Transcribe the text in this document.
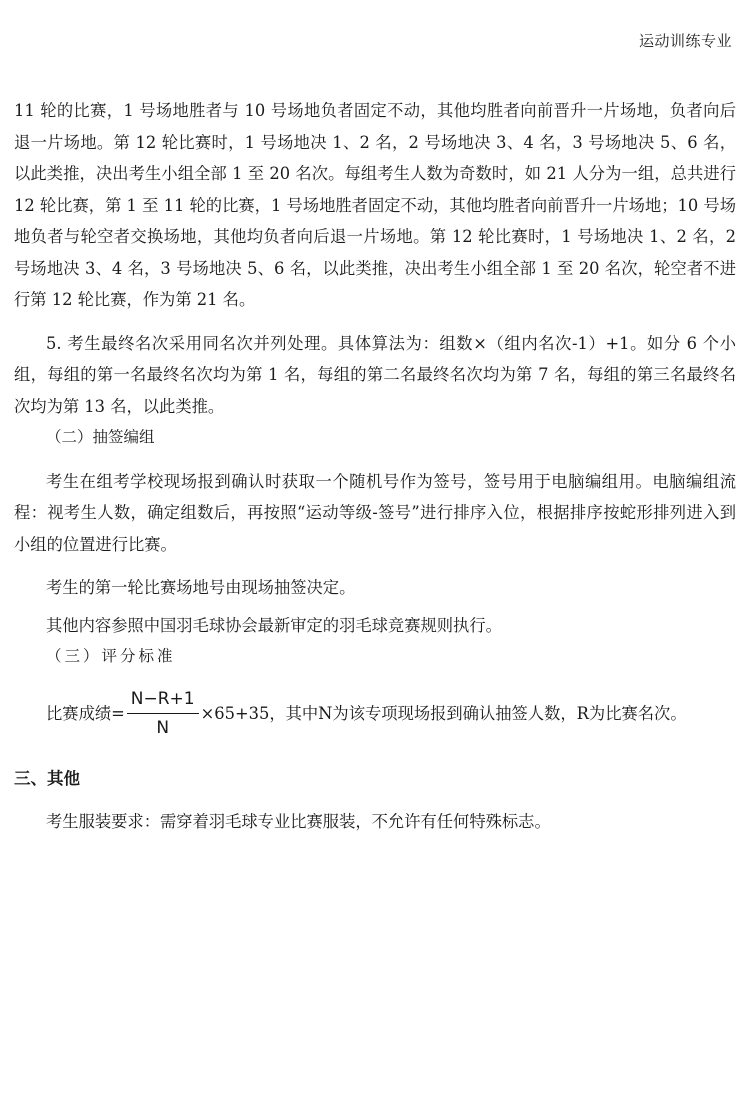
运动训练专业

11 轮的比赛，1 号场地胜者与 10 号场地负者固定不动，其他均胜者向前晋升一片场地，负者向后退一片场地。第 12 轮比赛时，1 号场地决 1、2 名，2 号场地决 3、4 名，3 号场地决 5、6 名，以此类推，决出考生小组全部 1 至 20 名次。每组考生人数为奇数时，如 21 人分为一组，总共进行 12 轮比赛，第 1 至 11 轮的比赛，1 号场地胜者固定不动，其他均胜者向前晋升一片场地；10 号场地负者与轮空者交换场地，其他均负者向后退一片场地。第 12 轮比赛时，1 号场地决 1、2 名，2 号场地决 3、4 名，3 号场地决 5、6 名，以此类推，决出考生小组全部 1 至 20 名次，轮空者不进行第 12 轮比赛，作为第 21 名。

5. 考生最终名次采用同名次并列处理。具体算法为：组数×（组内名次-1）+1。如分 6 个小组，每组的第一名最终名次均为第 1 名，每组的第二名最终名次均为第 7 名，每组的第三名最终名次均为第 13 名，以此类推。

（二）抽签编组

考生在组考学校现场报到确认时获取一个随机号作为签号，签号用于电脑编组用。电脑编组流程：视考生人数，确定组数后，再按照“运动等级-签号”进行排序入位，根据排序按蛇形排列进入到小组的位置进行比赛。

考生的第一轮比赛场地号由现场抽签决定。

其他内容参照中国羽毛球协会最新审定的羽毛球竞赛规则执行。

（三）评分标准

比赛成绩= $\frac{N-R+1}{N} \times 65+35$，其中N为该专项现场报到确认抽签人数，R为比赛名次。

三、其他

考生服装要求：需穿着羽毛球专业比赛服装，不允许有任何特殊标志。
